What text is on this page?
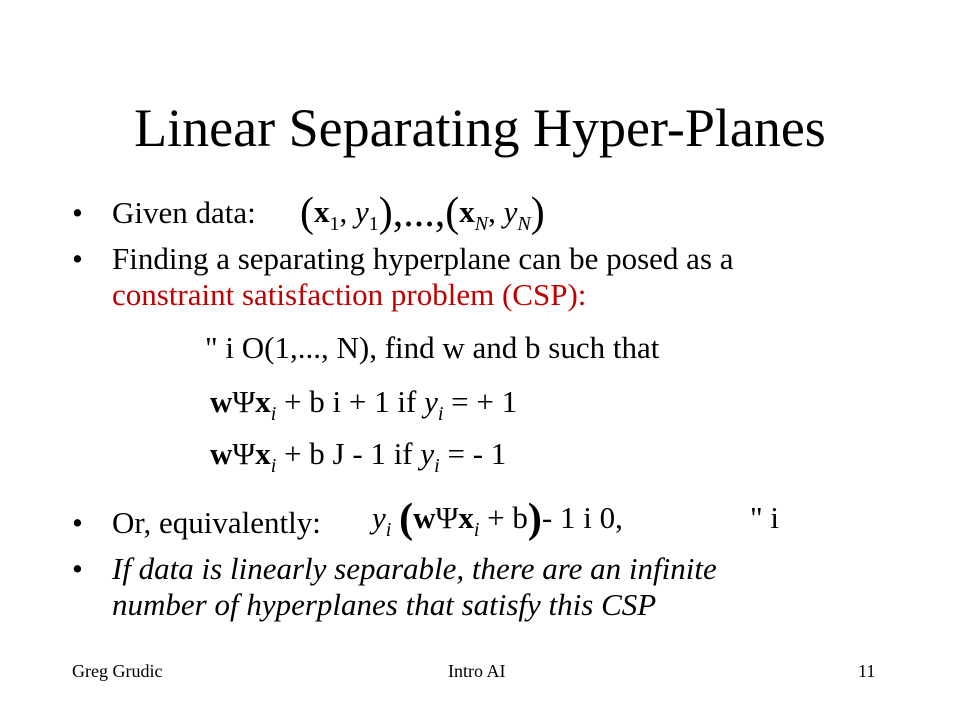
Linear Separating Hyper-Planes
• Given data: ($x_1$, $y_1),...,(x_N$, $y_N$)
• Finding a separating hyperplane can be posed as a
constraint satisfaction problem (CSP):
" i O(1,..., N), find w and b such that
wΨx$_i$ + b i + 1 if $y_i$ = + 1
wΨx$_i$ + b J - 1 if $y_i$ = - 1
• Or, equivalently: $y_i$ (wΨx$_i$ + b)- 1 i 0,	" i
• If data is linearly separable, there are an infinite
number of hyperplanes that satisfy this CSP
Greg Grudic	Intro AI	11
